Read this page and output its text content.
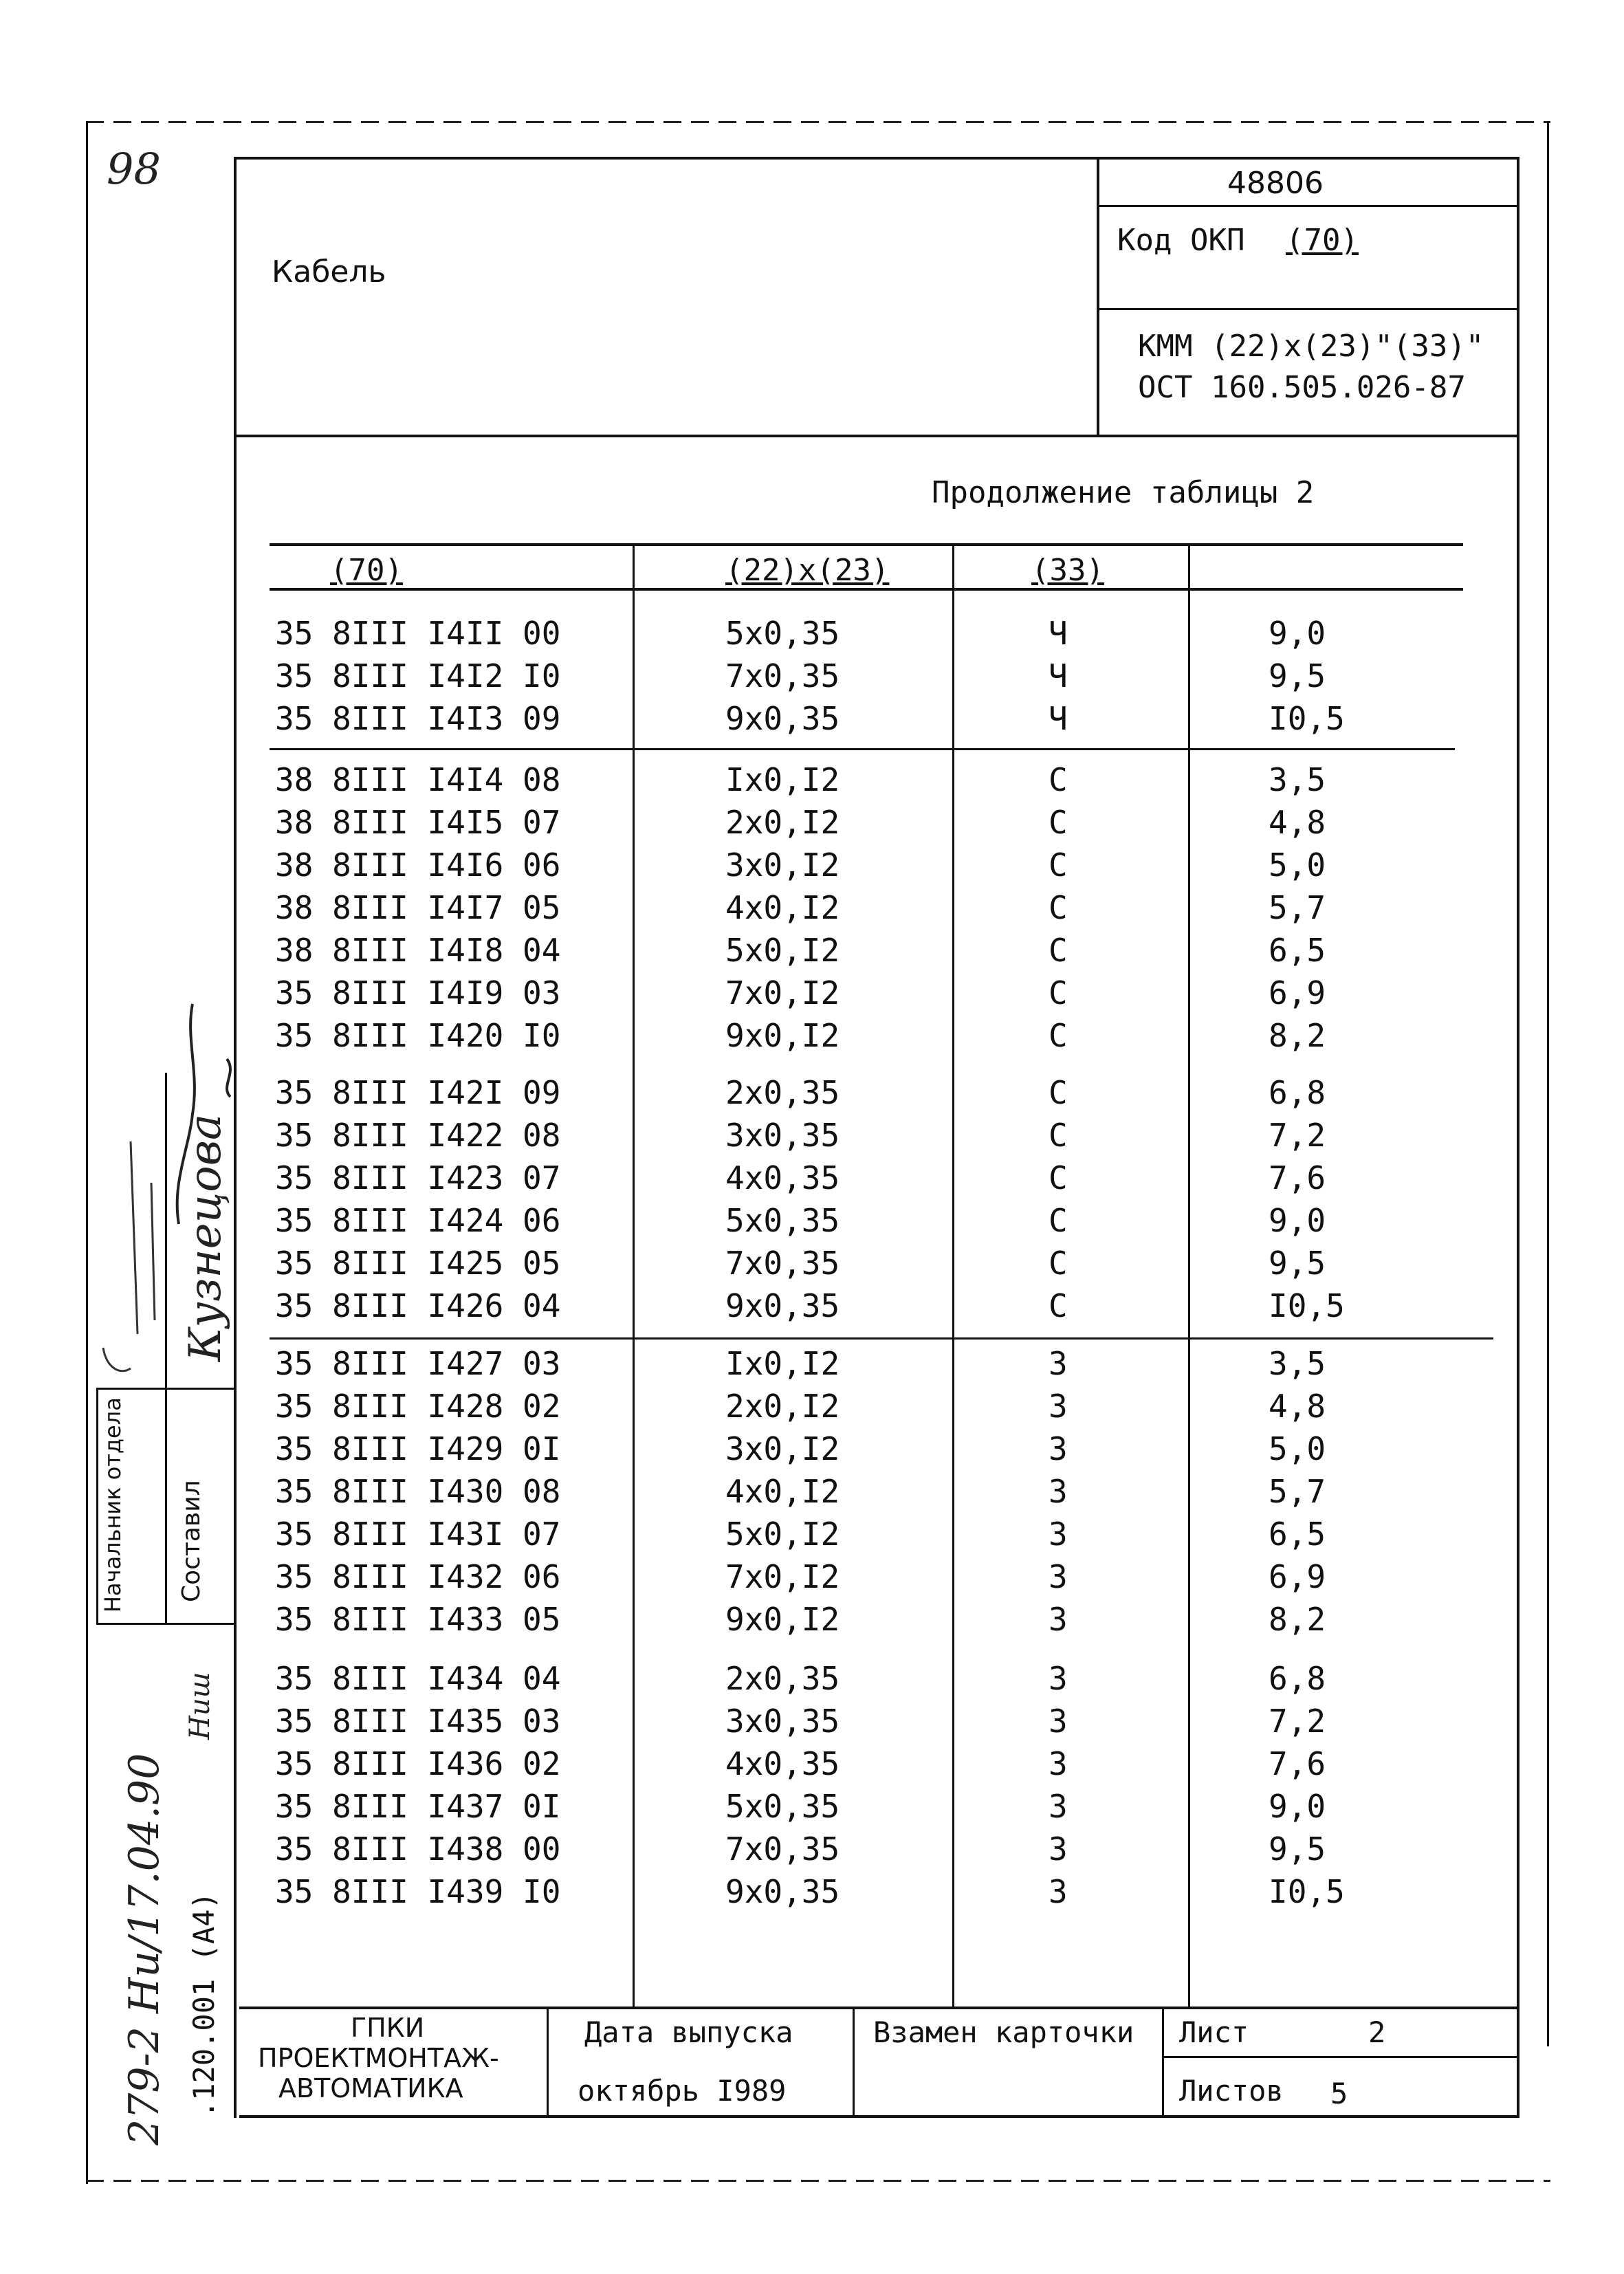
98
Кабель
48806
Код ОКП (70)
КММ (22)х(23)"(33)"
ОСТ 160.505.026-87
Продолжение таблицы 2
(70)	(22)х(23)	(33)
35 8III I4II 00	5х0,35	Ч	9,0
35 8III I4I2 I0	7х0,35	Ч	9,5
35 8III I4I3 09	9х0,35	Ч	I0,5
38 8III I4I4 08	Iх0,I2	С	3,5
38 8III I4I5 07	2х0,I2	С	4,8
38 8III I4I6 06	3х0,I2	С	5,0
38 8III I4I7 05	4х0,I2	С	5,7
38 8III I4I8 04	5х0,I2	С	6,5
35 8III I4I9 03	7х0,I2	С	6,9
35 8III I420 I0	9х0,I2	С	8,2
35 8III I42I 09	2х0,35	С	6,8
35 8III I422 08	3х0,35	С	7,2
35 8III I423 07	4х0,35	С	7,6
35 8III I424 06	5х0,35	С	9,0
35 8III I425 05	7х0,35	С	9,5
35 8III I426 04	9х0,35	С	I0,5
35 8III I427 03	Iх0,I2	З	3,5
35 8III I428 02	2х0,I2	З	4,8
35 8III I429 0I	3х0,I2	З	5,0
35 8III I430 08	4х0,I2	З	5,7
35 8III I43I 07	5х0,I2	З	6,5
35 8III I432 06	7х0,I2	З	6,9
35 8III I433 05	9х0,I2	З	8,2
35 8III I434 04	2х0,35	З	6,8
35 8III I435 03	3х0,35	З	7,2
35 8III I436 02	4х0,35	З	7,6
35 8III I437 0I	5х0,35	З	9,0
35 8III I438 00	7х0,35	З	9,5
35 8III I439 I0	9х0,35	З	I0,5
ГПКИ
ПРОЕКТМОНТАЖ-
АВТОМАТИКА
Дата выпуска
октябрь I989
Взамен карточки Лист	2
Листов 5
Начальник отдела Составил
Кузнецова
Ниш
279-2 Ни/17.04.90 .120.001 (A4)
